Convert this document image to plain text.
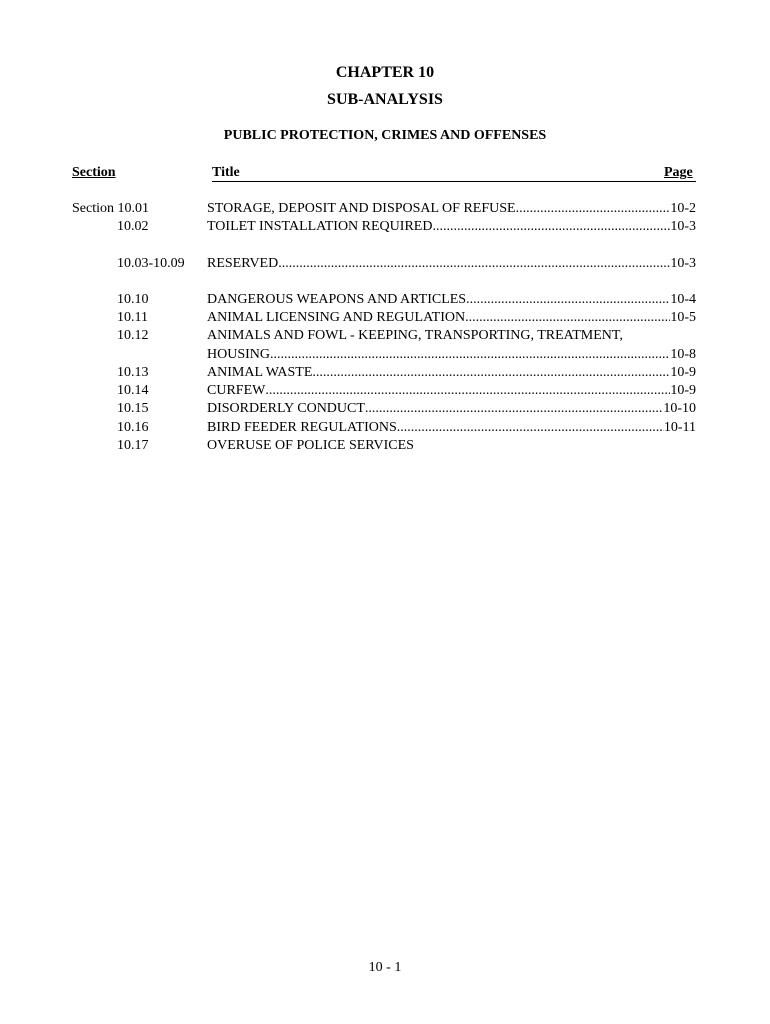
CHAPTER 10
SUB-ANALYSIS
PUBLIC PROTECTION, CRIMES AND OFFENSES
Section	Title	Page
Section 10.01	STORAGE, DEPOSIT AND DISPOSAL OF REFUSE .....	10-2
10.02	TOILET INSTALLATION REQUIRED .....	10-3
10.03-10.09 RESERVED .....	10-3
10.10	DANGEROUS WEAPONS AND ARTICLES .....	10-4
10.11	ANIMAL LICENSING AND REGULATION .....	10-5
10.12	ANIMALS AND FOWL - KEEPING, TRANSPORTING, TREATMENT,
HOUSING .....	10-8
10.13	ANIMAL WASTE .....	10-9
10.14	CURFEW .....	10-9
10.15	DISORDERLY CONDUCT .....	10-10
10.16	BIRD FEEDER REGULATIONS .....	10-11
10.17	OVERUSE OF POLICE SERVICES
10 - 1
